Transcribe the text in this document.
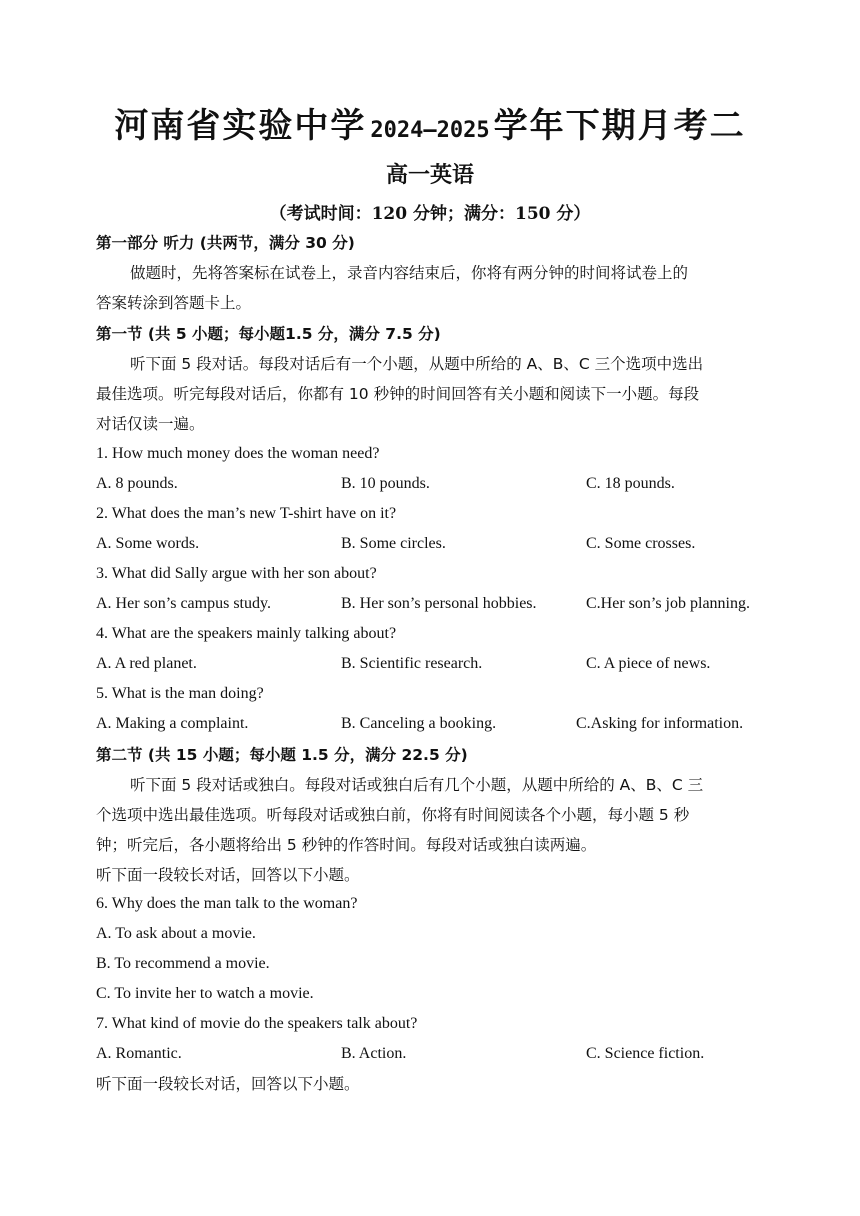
河南省实验中学 2024–2025 学年下期月考二
高一英语
（考试时间：120 分钟；满分：150 分）
第一部分 听力 (共两节，满分 30 分)
做题时，先将答案标在试卷上，录音内容结束后，你将有两分钟的时间将试卷上的
答案转涂到答题卡上。
第一节 (共 5 小题；每小题1.5 分，满分 7.5 分)
听下面 5 段对话。每段对话后有一个小题，从题中所给的 A、B、C 三个选项中选出
最佳选项。听完每段对话后，你都有 10 秒钟的时间回答有关小题和阅读下一小题。每段
对话仅读一遍。
1. How much money does the woman need?
A. 8 pounds.	B. 10 pounds.	C. 18 pounds.
2. What does the man’s new T-shirt have on it?
A. Some words.	B. Some circles.	C. Some crosses.
3. What did Sally argue with her son about?
A. Her son’s campus study.	B. Her son’s personal hobbies.	C.Her son’s job planning.
4. What are the speakers mainly talking about?
A. A red planet.	B. Scientific research.	C. A piece of news.
5. What is the man doing?
A. Making a complaint.	B. Canceling a booking.	C.Asking for information.
第二节 (共 15 小题；每小题 1.5 分，满分 22.5 分)
听下面 5 段对话或独白。每段对话或独白后有几个小题，从题中所给的 A、B、C 三
个选项中选出最佳选项。听每段对话或独白前，你将有时间阅读各个小题，每小题 5 秒
钟；听完后，各小题将给出 5 秒钟的作答时间。每段对话或独白读两遍。
听下面一段较长对话，回答以下小题。
6. Why does the man talk to the woman?
A. To ask about a movie.
B. To recommend a movie.
C. To invite her to watch a movie.
7. What kind of movie do the speakers talk about?
A. Romantic.	B. Action.	C. Science fiction.
听下面一段较长对话，回答以下小题。
